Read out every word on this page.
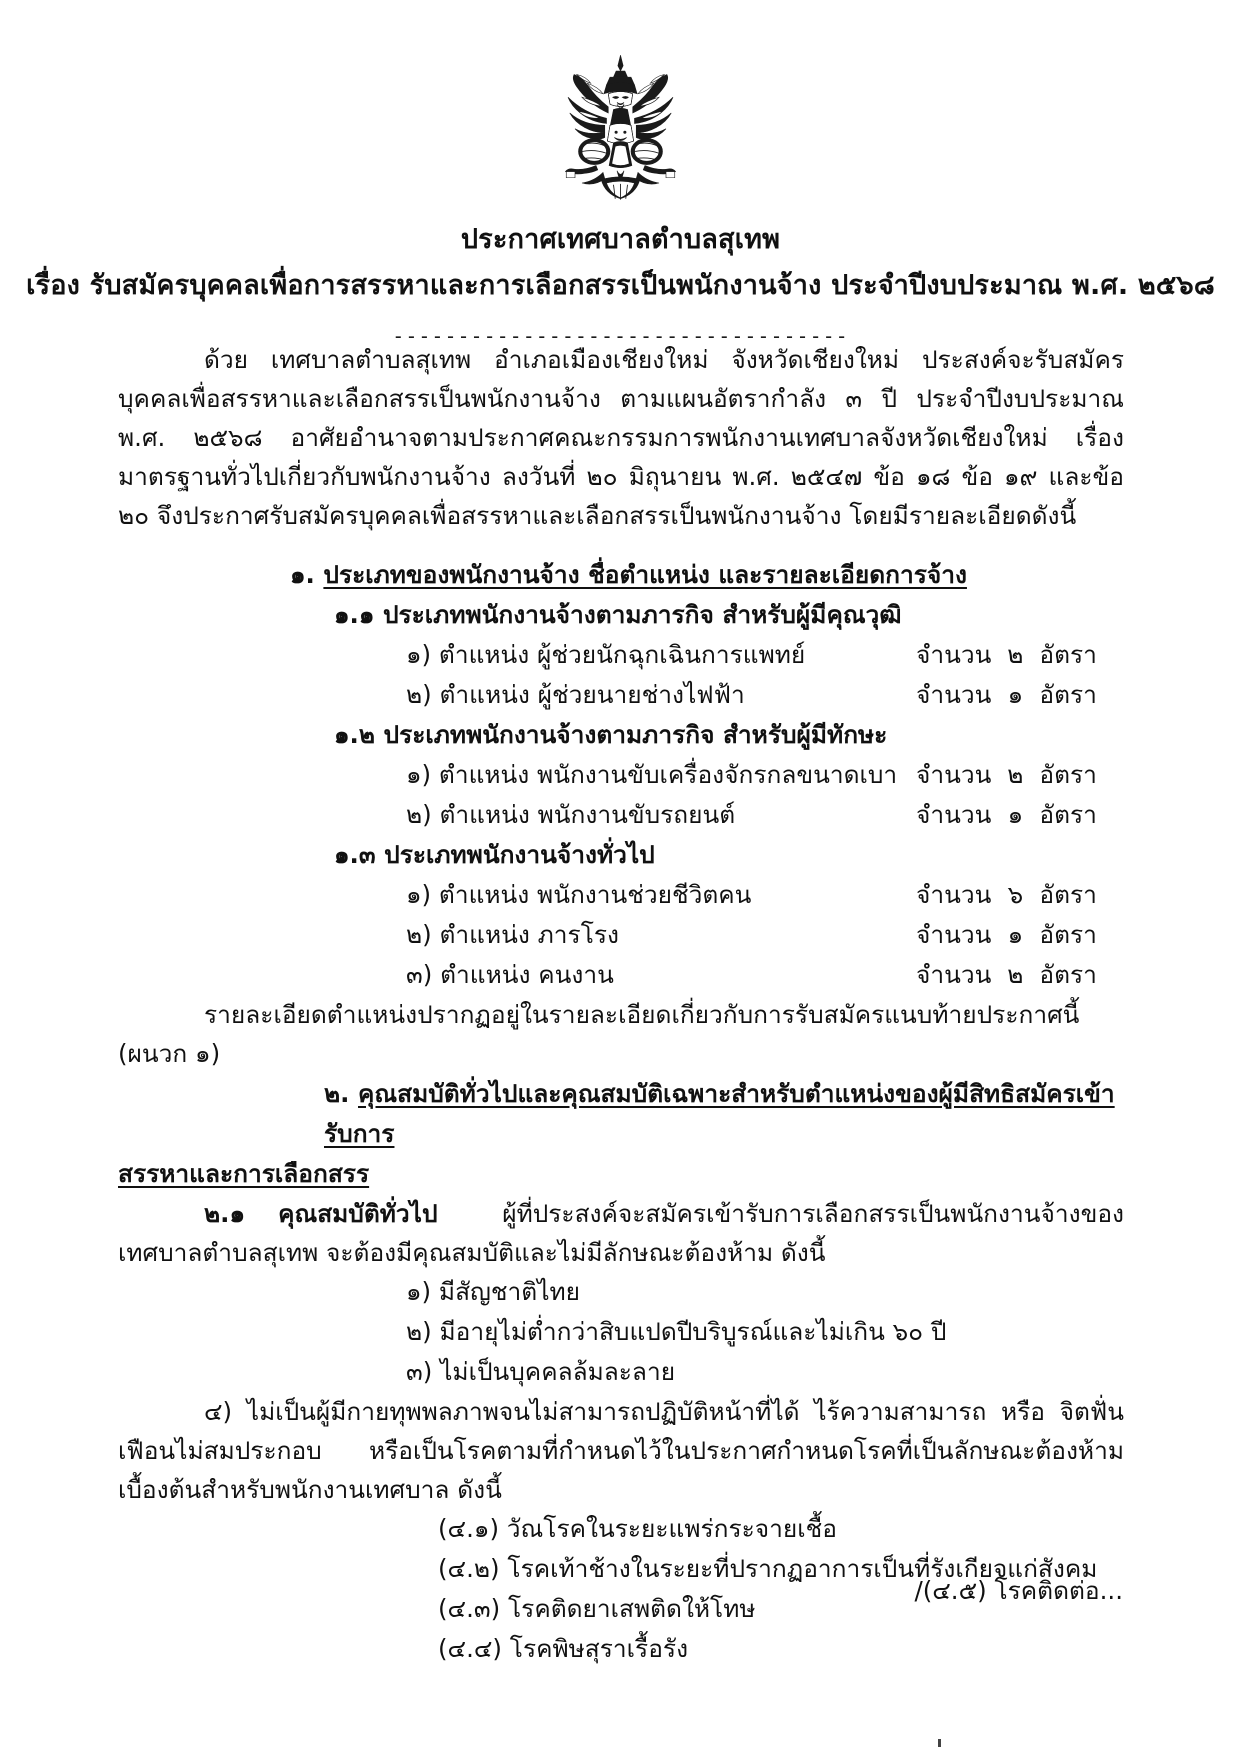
ประกาศเทศบาลตำบลสุเทพ
เรื่อง รับสมัครบุคคลเพื่อการสรรหาและการเลือกสรรเป็นพนักงานจ้าง ประจำปีงบประมาณ พ.ศ. ๒๕๖๘
-----------------------------------

ด้วย เทศบาลตำบลสุเทพ อำเภอเมืองเชียงใหม่ จังหวัดเชียงใหม่ ประสงค์จะรับสมัครบุคคลเพื่อสรรหาและเลือกสรรเป็นพนักงานจ้าง ตามแผนอัตรากำลัง ๓ ปี ประจำปีงบประมาณ พ.ศ. ๒๕๖๘ อาศัยอำนาจตามประกาศคณะกรรมการพนักงานเทศบาลจังหวัดเชียงใหม่ เรื่อง มาตรฐานทั่วไปเกี่ยวกับพนักงานจ้าง ลงวันที่ ๒๐ มิถุนายน พ.ศ. ๒๕๔๗ ข้อ ๑๘ ข้อ ๑๙ และข้อ ๒๐ จึงประกาศรับสมัครบุคคลเพื่อสรรหาและเลือกสรรเป็นพนักงานจ้าง โดยมีรายละเอียดดังนี้

๑. ประเภทของพนักงานจ้าง ชื่อตำแหน่ง และรายละเอียดการจ้าง

๑.๑ ประเภทพนักงานจ้างตามภารกิจ สำหรับผู้มีคุณวุฒิ

๑) ตำแหน่ง ผู้ช่วยนักฉุกเฉินการแพทย์	จำนวน ๒ อัตรา
๒) ตำแหน่ง ผู้ช่วยนายช่างไฟฟ้า	จำนวน ๑ อัตรา

๑.๒ ประเภทพนักงานจ้างตามภารกิจ สำหรับผู้มีทักษะ

๑) ตำแหน่ง พนักงานขับเครื่องจักรกลขนาดเบา จำนวน ๒ อัตรา
๒) ตำแหน่ง พนักงานขับรถยนต์	จำนวน ๑ อัตรา

๑.๓ ประเภทพนักงานจ้างทั่วไป

๑) ตำแหน่ง พนักงานช่วยชีวิตคน	จำนวน ๖ อัตรา
๒) ตำแหน่ง ภารโรง	จำนวน ๑ อัตรา
๓) ตำแหน่ง คนงาน	จำนวน ๒ อัตรา

รายละเอียดตำแหน่งปรากฏอยู่ในรายละเอียดเกี่ยวกับการรับสมัครแนบท้ายประกาศนี้

(ผนวก ๑)

๒. คุณสมบัติทั่วไปและคุณสมบัติเฉพาะสำหรับตำแหน่งของผู้มีสิทธิสมัครเข้ารับการ

สรรหาและการเลือกสรร

๒.๑ คุณสมบัติทั่วไป	ผู้ที่ประสงค์จะสมัครเข้ารับการเลือกสรรเป็นพนักงานจ้างของเทศบาลตำบลสุเทพ จะต้องมีคุณสมบัติและไม่มีลักษณะต้องห้าม ดังนี้

๑) มีสัญชาติไทย
๒) มีอายุไม่ต่ำกว่าสิบแปดปีบริบูรณ์และไม่เกิน ๖๐ ปี
๓) ไม่เป็นบุคคลล้มละลาย

๔) ไม่เป็นผู้มีกายทุพพลภาพจนไม่สามารถปฏิบัติหน้าที่ได้ ไร้ความสามารถ หรือ จิตฟั่นเฟือนไม่สมประกอบ หรือเป็นโรคตามที่กำหนดไว้ในประกาศกำหนดโรคที่เป็นลักษณะต้องห้ามเบื้องต้นสำหรับพนักงานเทศบาล ดังนี้

(๔.๑) วัณโรคในระยะแพร่กระจายเชื้อ
(๔.๒) โรคเท้าช้างในระยะที่ปรากฏอาการเป็นที่รังเกียจแก่สังคม
(๔.๓) โรคติดยาเสพติดให้โทษ
(๔.๔) โรคพิษสุราเรื้อรัง
/(๔.๕) โรคติดต่อ...
